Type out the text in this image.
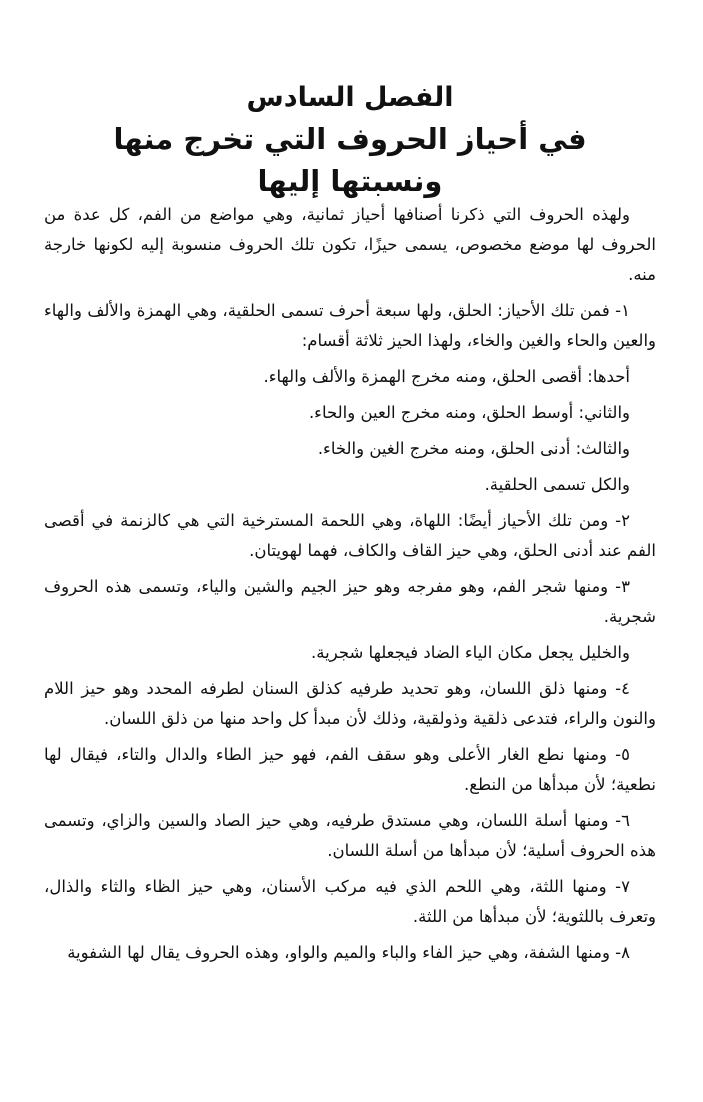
الفصل السادس
في أحياز الحروف التي تخرج منها
ونسبتها إليها

ولهذه الحروف التي ذكرنا أصنافها أحياز ثمانية، وهي مواضع من الفم، كل عدة من الحروف لها موضع مخصوص، يسمى حيزًا، تكون تلك الحروف منسوبة إليه لكونها خارجة منه.

١- فمن تلك الأحياز: الحلق، ولها سبعة أحرف تسمى الحلقية، وهي الهمزة والألف والهاء والعين والحاء والغين والخاء، ولهذا الحيز ثلاثة أقسام:

أحدها: أقصى الحلق، ومنه مخرج الهمزة والألف والهاء.

والثاني: أوسط الحلق، ومنه مخرج العين والحاء.

والثالث: أدنى الحلق، ومنه مخرج الغين والخاء.

والكل تسمى الحلقية.

٢- ومن تلك الأحياز أيضًا: اللهاة، وهي اللحمة المسترخية التي هي كالزنمة في أقصى الفم عند أدنى الحلق، وهي حيز القاف والكاف، فهما لهويتان.

٣- ومنها شجر الفم، وهو مفرجه وهو حيز الجيم والشين والياء، وتسمى هذه الحروف شجرية.

والخليل يجعل مكان الياء الضاد فيجعلها شجرية.

٤- ومنها ذلق اللسان، وهو تحديد طرفيه كذلق السنان لطرفه المحدد وهو حيز اللام والنون والراء، فتدعى ذلقية وذولقية، وذلك لأن مبدأ كل واحد منها من ذلق اللسان.

٥- ومنها نطع الغار الأعلى وهو سقف الفم، فهو حيز الطاء والدال والتاء، فيقال لها نطعية؛ لأن مبدأها من النطع.

٦- ومنها أسلة اللسان، وهي مستدق طرفيه، وهي حيز الصاد والسين والزاي، وتسمى هذه الحروف أسلية؛ لأن مبدأها من أسلة اللسان.

٧- ومنها اللثة، وهي اللحم الذي فيه مركب الأسنان، وهي حيز الظاء والثاء والذال، وتعرف باللثوية؛ لأن مبدأها من اللثة.

٨- ومنها الشفة، وهي حيز الفاء والباء والميم والواو، وهذه الحروف يقال لها الشفوية
